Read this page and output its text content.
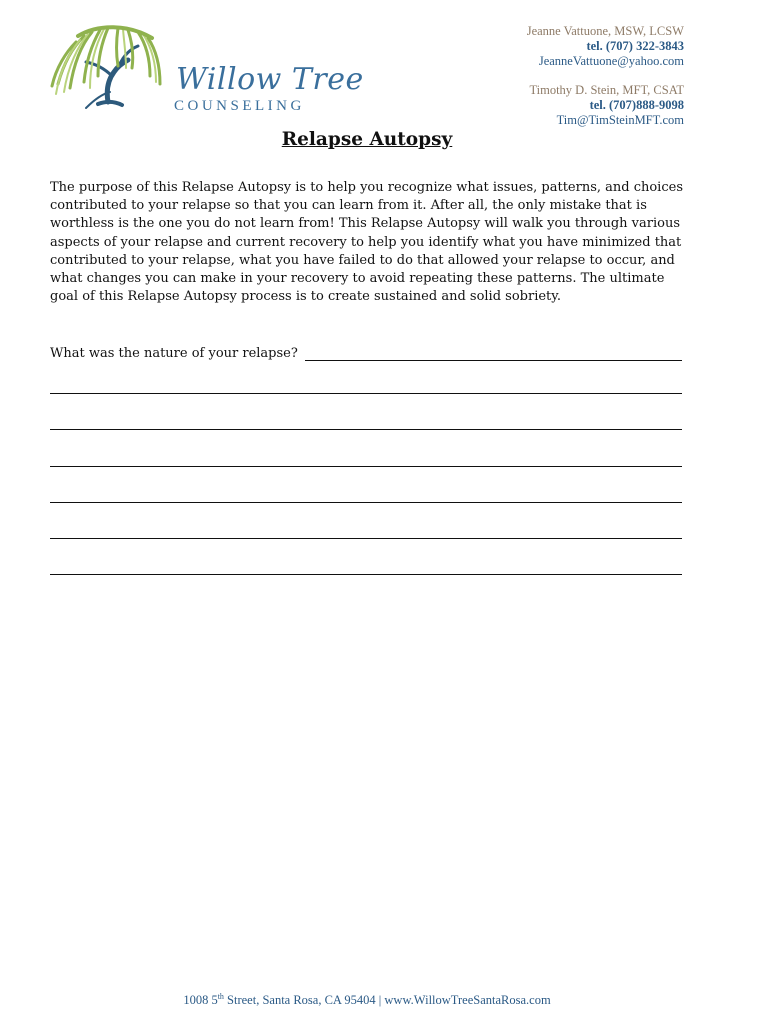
Willow Tree
COUNSELING
Jeanne Vattuone, MSW, LCSW
tel. (707) 322-3843
JeanneVattuone@yahoo.com
Timothy D. Stein, MFT, CSAT
tel. (707)888-9098
Tim@TimSteinMFT.com
Relapse Autopsy
The purpose of this Relapse Autopsy is to help you recognize what issues, patterns, and choices contributed to your relapse so that you can learn from it. After all, the only mistake that is worthless is the one you do not learn from! This Relapse Autopsy will walk you through various aspects of your relapse and current recovery to help you identify what you have minimized that contributed to your relapse, what you have failed to do that allowed your relapse to occur, and what changes you can make in your recovery to avoid repeating these patterns. The ultimate goal of this Relapse Autopsy process is to create sustained and solid sobriety.
What was the nature of your relapse?
1008 5th Street, Santa Rosa, CA 95404 | www.WillowTreeSantaRosa.com
